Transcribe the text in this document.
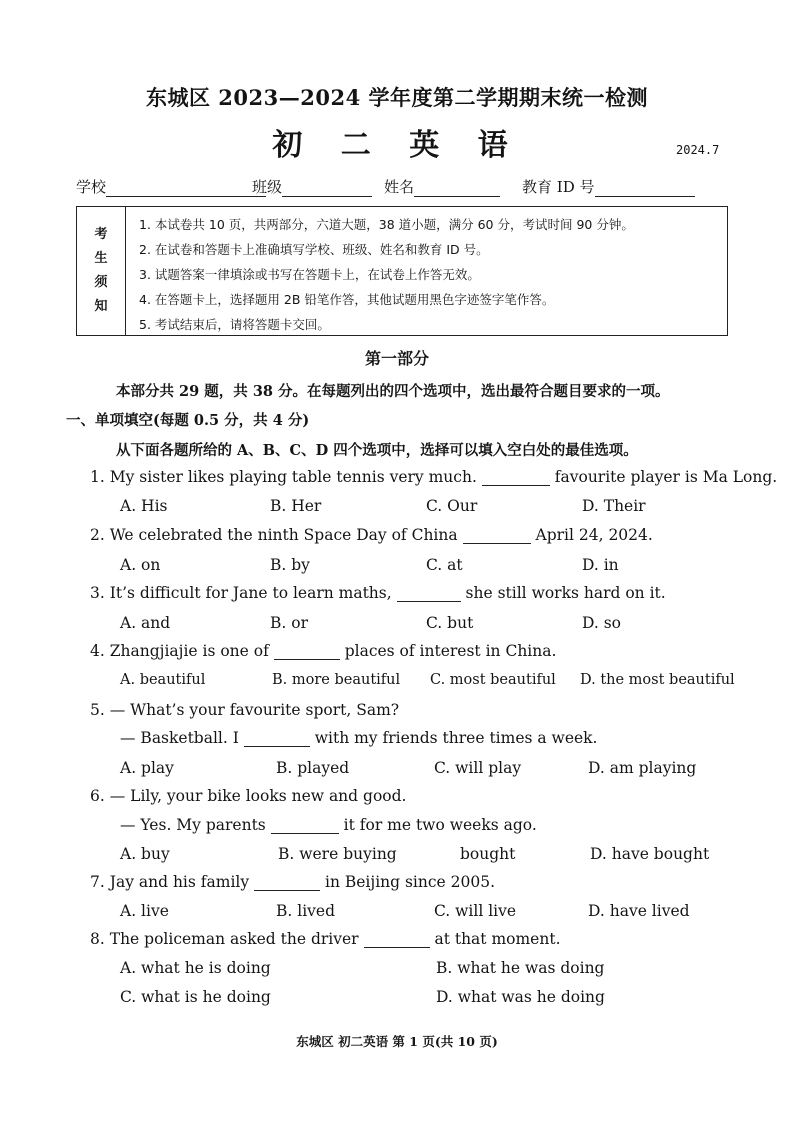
东城区 2023—2024 学年度第二学期期末统一检测
初 二 英 语	2024.7
学校	班级	姓名	教育 ID 号
考
生
须
知
1. 本试卷共 10 页，共两部分，六道大题，38 道小题，满分 60 分，考试时间 90 分钟。
2. 在试卷和答题卡上准确填写学校、班级、姓名和教育 ID 号。
3. 试题答案一律填涂或书写在答题卡上，在试卷上作答无效。
4. 在答题卡上，选择题用 2B 铅笔作答，其他试题用黑色字迹签字笔作答。
5. 考试结束后，请将答题卡交回。
第一部分
本部分共 29 题，共 38 分。在每题列出的四个选项中，选出最符合题目要求的一项。
一、单项填空(每题 0.5 分，共 4 分)
从下面各题所给的 A、B、C、D 四个选项中，选择可以填入空白处的最佳选项。
1. My sister likes playing table tennis very much.	favourite player is Ma Long.
A. His	B. Her	C. Our	D. Their
2. We celebrated the ninth Space Day of China	April 24, 2024.
A. on	B. by	C. at	D. in
3. It’s difficult for Jane to learn maths,	she still works hard on it.
A. and	B. or	C. but	D. so
4. Zhangjiajie is one of	places of interest in China.
A. beautiful	B. more beautiful C. most beautiful D. the most beautiful
5. — What’s your favourite sport, Sam?
— Basketball. I	with my friends three times a week.
A. play	B. played	C. will play	D. am playing
6. — Lily, your bike looks new and good.
— Yes. My parents	it for me two weeks ago.
A. buy	B. were buying	bought	D. have bought
7. Jay and his family	in Beijing since 2005.
A. live	B. lived	C. will live	D. have lived
8. The policeman asked the driver	at that moment.
A. what he is doing	B. what he was doing
C. what is he doing	D. what was he doing
东城区 初二英语 第 1 页(共 10 页)
